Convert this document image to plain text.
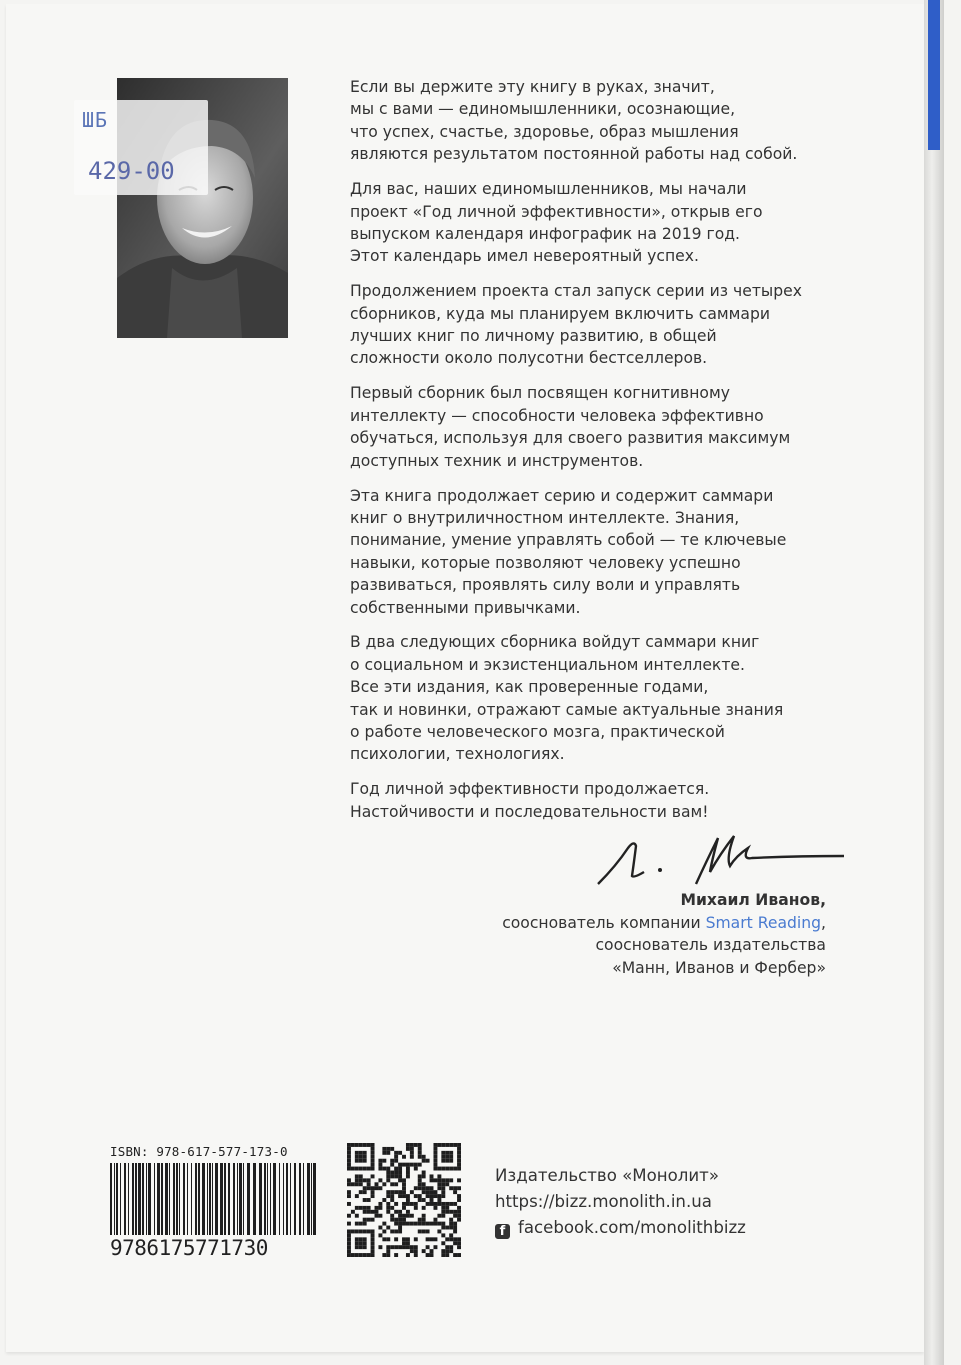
ШБ
429-00

Если вы держите эту книгу в руках, значит,
мы с вами — единомышленники, осознающие,
что успех, счастье, здоровье, образ мышления
являются результатом постоянной работы над собой.

Для вас, наших единомышленников, мы начали
проект «Год личной эффективности», открыв его
выпуском календаря инфографик на 2019 год.
Этот календарь имел невероятный успех.

Продолжением проекта стал запуск серии из четырех
сборников, куда мы планируем включить саммари
лучших книг по личному развитию, в общей
сложности около полусотни бестселлеров.

Первый сборник был посвящен когнитивному
интеллекту — способности человека эффективно
обучаться, используя для своего развития максимум
доступных техник и инструментов.

Эта книга продолжает серию и содержит саммари
книг о внутриличностном интеллекте. Знания,
понимание, умение управлять собой — те ключевые
навыки, которые позволяют человеку успешно
развиваться, проявлять силу воли и управлять
собственными привычками.

В два следующих сборника войдут саммари книг
о социальном и экзистенциальном интеллекте.
Все эти издания, как проверенные годами,
так и новинки, отражают самые актуальные знания
о работе человеческого мозга, практической
психологии, технологиях.

Год личной эффективности продолжается.
Настойчивости и последовательности вам!

Михаил Иванов,
сооснователь компании Smart Reading,
сооснователь издательства
«Манн, Иванов и Фербер»
ISBN: 978-617-577-173-0
9786175771730
Издательство «Монолит»
https://bizz.monolith.in.ua
f facebook.com/monolithbizz
